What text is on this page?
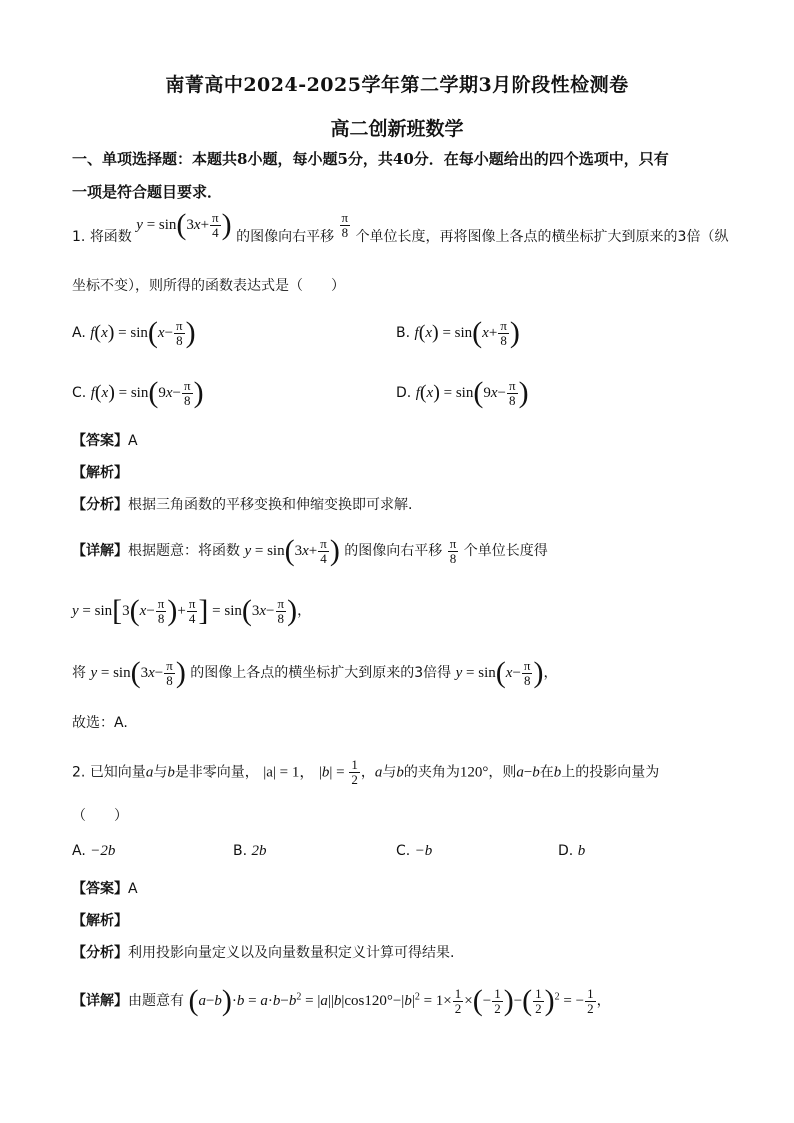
南菁高中2024-2025学年第二学期3月阶段性检测卷
高二创新班数学
一、单项选择题：本题共8小题，每小题5分，共40分．在每小题给出的四个选项中，只有
一项是符合题目要求．
1. 将函数 $y = \sin(3x+ \frac{\pi}{4}$ ) 的图像向右平移 $\frac{\pi}{8}$ 个单位长度，再将图像上各点的横坐标扩大到原来的3倍（纵
坐标不变），则所得的函数表达式是（　　）
A. $f(x) = \sin(x- \frac{\pi}{8}$ )	B. $f(x) = \sin(x+ \frac{\pi}{8}$ )
C. $f(x) = \sin(9x- \frac{\pi}{8}$ )	D. $f(x) = \sin(9x- \frac{\pi}{8}$ )
【答案】A
【解析】
【分析】根据三角函数的平移变换和伸缩变换即可求解.
【详解】根据题意：将函数 $y = \sin(3x+ \frac{\pi}{4}$ ) 的图像向右平移 $\frac{\pi}{8}$ 个单位长度得
$y = \sin[3(x- \frac{\pi}{8}$ )+ $\frac{\pi}{4}$ ] = $\sin(3x- \frac{\pi}{8}$ )，
将 $y = \sin(3x- \frac{\pi}{8}$ ) 的图像上各点的横坐标扩大到原来的3倍得 $y = \sin(x- \frac{\pi}{8}$ )，
故选：A.
2. 已知向量a与b是非零向量， |a| = 1， $|b| = \frac{1}{2}$ ，a与b的夹角为120°，则a−b在b上的投影向量为
（　　）
A. −2b	B. 2b	C. −b	D. b
【答案】A
【解析】
【分析】利用投影向量定义以及向量数量积定义计算可得结果.
【详解】由题意有 $(a-b)\cdot b = a\cdot b-b^2 = |a||b|\cos 120^\circ-|b|^2 = 1\times \frac{1}{2}$ ×(− $\frac{1}{2}$ )−( $\frac{1}{2} )^2$ = − $\frac{1}{2}$ ，
